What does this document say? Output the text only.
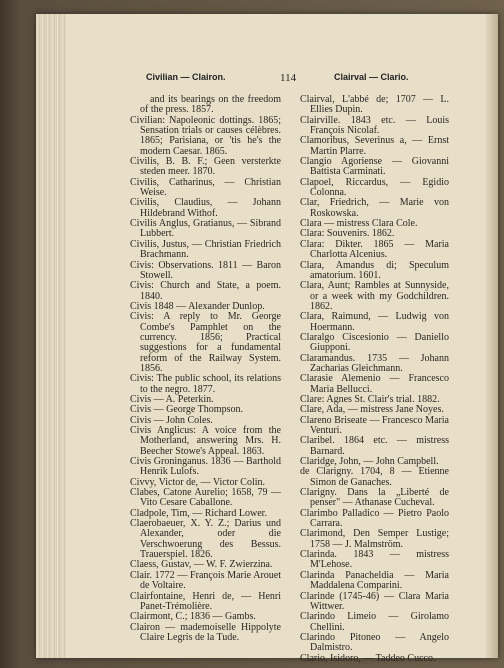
Civilian — Clairon.	114	Clairval — Clario.

and its bearings on the freedom of the press. 1857.

Civilian: Napoleonic dottings. 1865; Sensation trials or causes célèbres. 1865; Parisiana, or 'tis he's the modern Caesar. 1865.

Civilis, B. B. F.; Geen versterkte steden meer. 1870.

Civilis, Catharinus, — Christian Weise.

Civilis, Claudius, — Johann Hildebrand Withof.

Civilis Anglus, Gratianus, — Sibrand Lubbert.

Civilis, Justus, — Christian Friedrich Brachmann.

Civis: Observations. 1811 — Baron Stowell.

Civis: Church and State, a poem. 1840.

Civis 1848 — Alexander Dunlop.

Civis: A reply to Mr. George Combe's Pamphlet on the currency. 1856; Practical suggestions for a fundamental reform of the Railway System. 1856.

Civis: The public school, its relations to the negro. 1877.

Civis — A. Peterkin.

Civis — George Thompson.

Civis — John Coles.

Civis Anglicus: A voice from the Motherland, answering Mrs. H. Beecher Stowe's Appeal. 1863.

Civis Groninganus. 1836 — Barthold Henrik Lulofs.

Civvy, Victor de, — Victor Colin.

Clabes, Catone Aurelio; 1658, 79 — Vito Cesare Caballone.

Cladpole, Tim, — Richard Lower.

Claerobaeuer, X. Y. Z.; Darius und Alexander, oder die Verschwoerung des Bessus. Trauerspiel. 1826.

Claess, Gustav, — W. F. Zwierzina.

Clair. 1772 — François Marie Arouet de Voltaire.

Clairfontaine, Henri de, — Henri Panet-Trémolière.

Clairmont, C.; 1836 — Gambs.

Clairon — mademoiselle Hippolyte Claire Legris de la Tude.

Clairval, L'abbé de; 1707 — L. Ellies Dupin.

Clairville. 1843 etc. — Louis François Nicolaf.

Clamoribus, Severinus a, — Ernst Martin Plarre.

Clangio Agoriense — Giovanni Battista Carminati.

Clapoel, Riccardus, — Egidio Colonna.

Clar, Friedrich, — Marie von Roskowska.

Clara — mistress Clara Cole.

Clara: Souvenirs. 1862.

Clara: Dikter. 1865 — Maria Charlotta Alcenius.

Clara, Amandus di; Speculum amatorium. 1601.

Clara, Aunt; Rambles at Sunnyside, or a week with my Godchildren. 1862.

Clara, Raimund, — Ludwig von Hoermann.

Claralgo Ciscesionio — Daniello Giupponi.

Claramandus. 1735 — Johann Zacharias Gleichmann.

Clarasie Alemenio — Francesco Maria Bellucci.

Clare: Agnes St. Clair's trial. 1882.

Clare, Ada, — mistress Jane Noyes.

Clareno Briseate — Francesco Maria Venturi.

Claribel. 1864 etc. — mistress Barnard.

Claridge, John, — John Campbell.

de Clarigny. 1704, 8 — Etienne Simon de Ganaches.

Clarigny. Dans la „Liberté de penser" — Athanase Cucheval.

Clarimbo Palladico — Pietro Paolo Carrara.

Clarimond, Den Semper Lustige; 1758 — J. Malmström.

Clarinda. 1843 — mistress M'Lehose.

Clarinda Panacheldia — Maria Maddalena Comparini.

Clarinde (1745-46) — Clara Maria Wittwer.

Clarindo Limeio — Girolamo Chellini.

Clarindo Pitoneo — Angelo Dalmistro.

Clario, Isidoro, — Taddeo Cucco.
